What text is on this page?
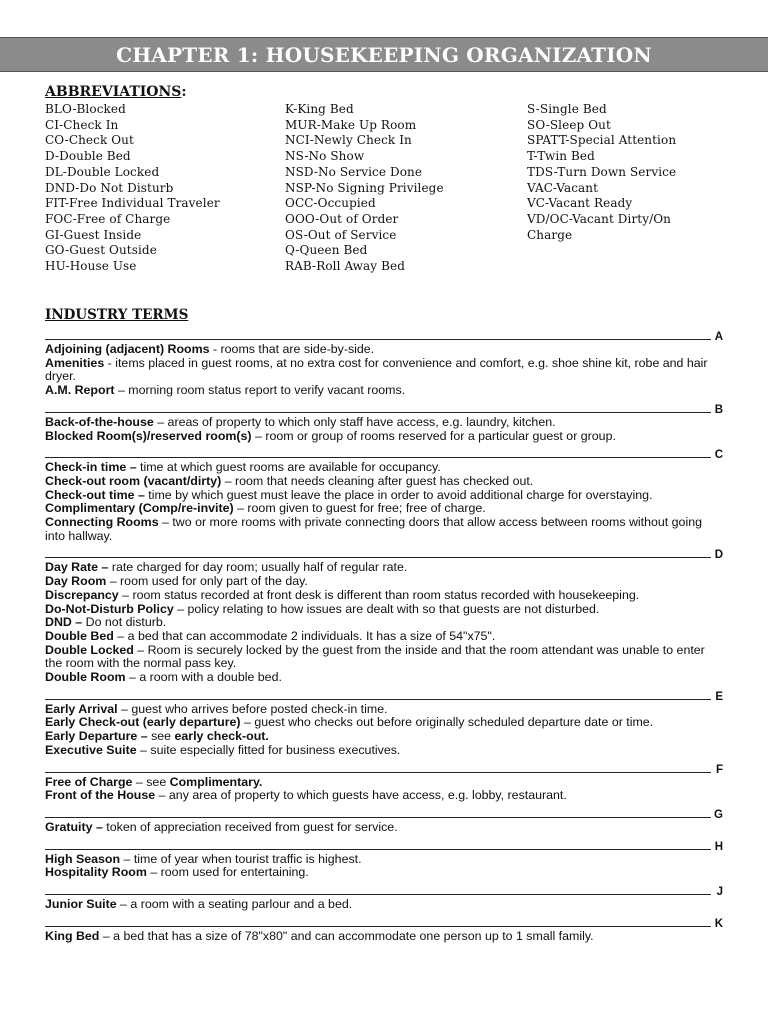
CHAPTER 1: HOUSEKEEPING ORGANIZATION
ABBREVIATIONS:
BLO-Blocked
CI-Check In
CO-Check Out
D-Double Bed
DL-Double Locked
DND-Do Not Disturb
FIT-Free Individual Traveler
FOC-Free of Charge
GI-Guest Inside
GO-Guest Outside
HU-House Use
K-King Bed
MUR-Make Up Room
NCI-Newly Check In
NS-No Show
NSD-No Service Done
NSP-No Signing Privilege
OCC-Occupied
OOO-Out of Order
OS-Out of Service
Q-Queen Bed
RAB-Roll Away Bed
S-Single Bed
SO-Sleep Out
SPATT-Special Attention
T-Twin Bed
TDS-Turn Down Service
VAC-Vacant
VC-Vacant Ready
VD/OC-Vacant Dirty/On
Charge
INDUSTRY TERMS
A
Adjoining (adjacent) Rooms - rooms that are side-by-side.
Amenities - items placed in guest rooms, at no extra cost for convenience and comfort, e.g. shoe shine kit, robe and hair dryer.
A.M. Report – morning room status report to verify vacant rooms.
B
Back-of-the-house – areas of property to which only staff have access, e.g. laundry, kitchen.
Blocked Room(s)/reserved room(s) – room or group of rooms reserved for a particular guest or group.
C
Check-in time – time at which guest rooms are available for occupancy.
Check-out room (vacant/dirty) – room that needs cleaning after guest has checked out.
Check-out time – time by which guest must leave the place in order to avoid additional charge for overstaying.
Complimentary (Comp/re-invite) – room given to guest for free; free of charge.
Connecting Rooms – two or more rooms with private connecting doors that allow access between rooms without going into hallway.
D
Day Rate – rate charged for day room; usually half of regular rate.
Day Room – room used for only part of the day.
Discrepancy – room status recorded at front desk is different than room status recorded with housekeeping.
Do-Not-Disturb Policy – policy relating to how issues are dealt with so that guests are not disturbed.
DND – Do not disturb.
Double Bed – a bed that can accommodate 2 individuals. It has a size of 54"x75".
Double Locked – Room is securely locked by the guest from the inside and that the room attendant was unable to enter the room with the normal pass key.
Double Room – a room with a double bed.
E
Early Arrival – guest who arrives before posted check-in time.
Early Check-out (early departure) – guest who checks out before originally scheduled departure date or time.
Early Departure – see early check-out.
Executive Suite – suite especially fitted for business executives.
F
Free of Charge – see Complimentary.
Front of the House – any area of property to which guests have access, e.g. lobby, restaurant.
G
Gratuity – token of appreciation received from guest for service.
H
High Season – time of year when tourist traffic is highest.
Hospitality Room – room used for entertaining.
J
Junior Suite – a room with a seating parlour and a bed.
K
King Bed – a bed that has a size of 78"x80" and can accommodate one person up to 1 small family.
